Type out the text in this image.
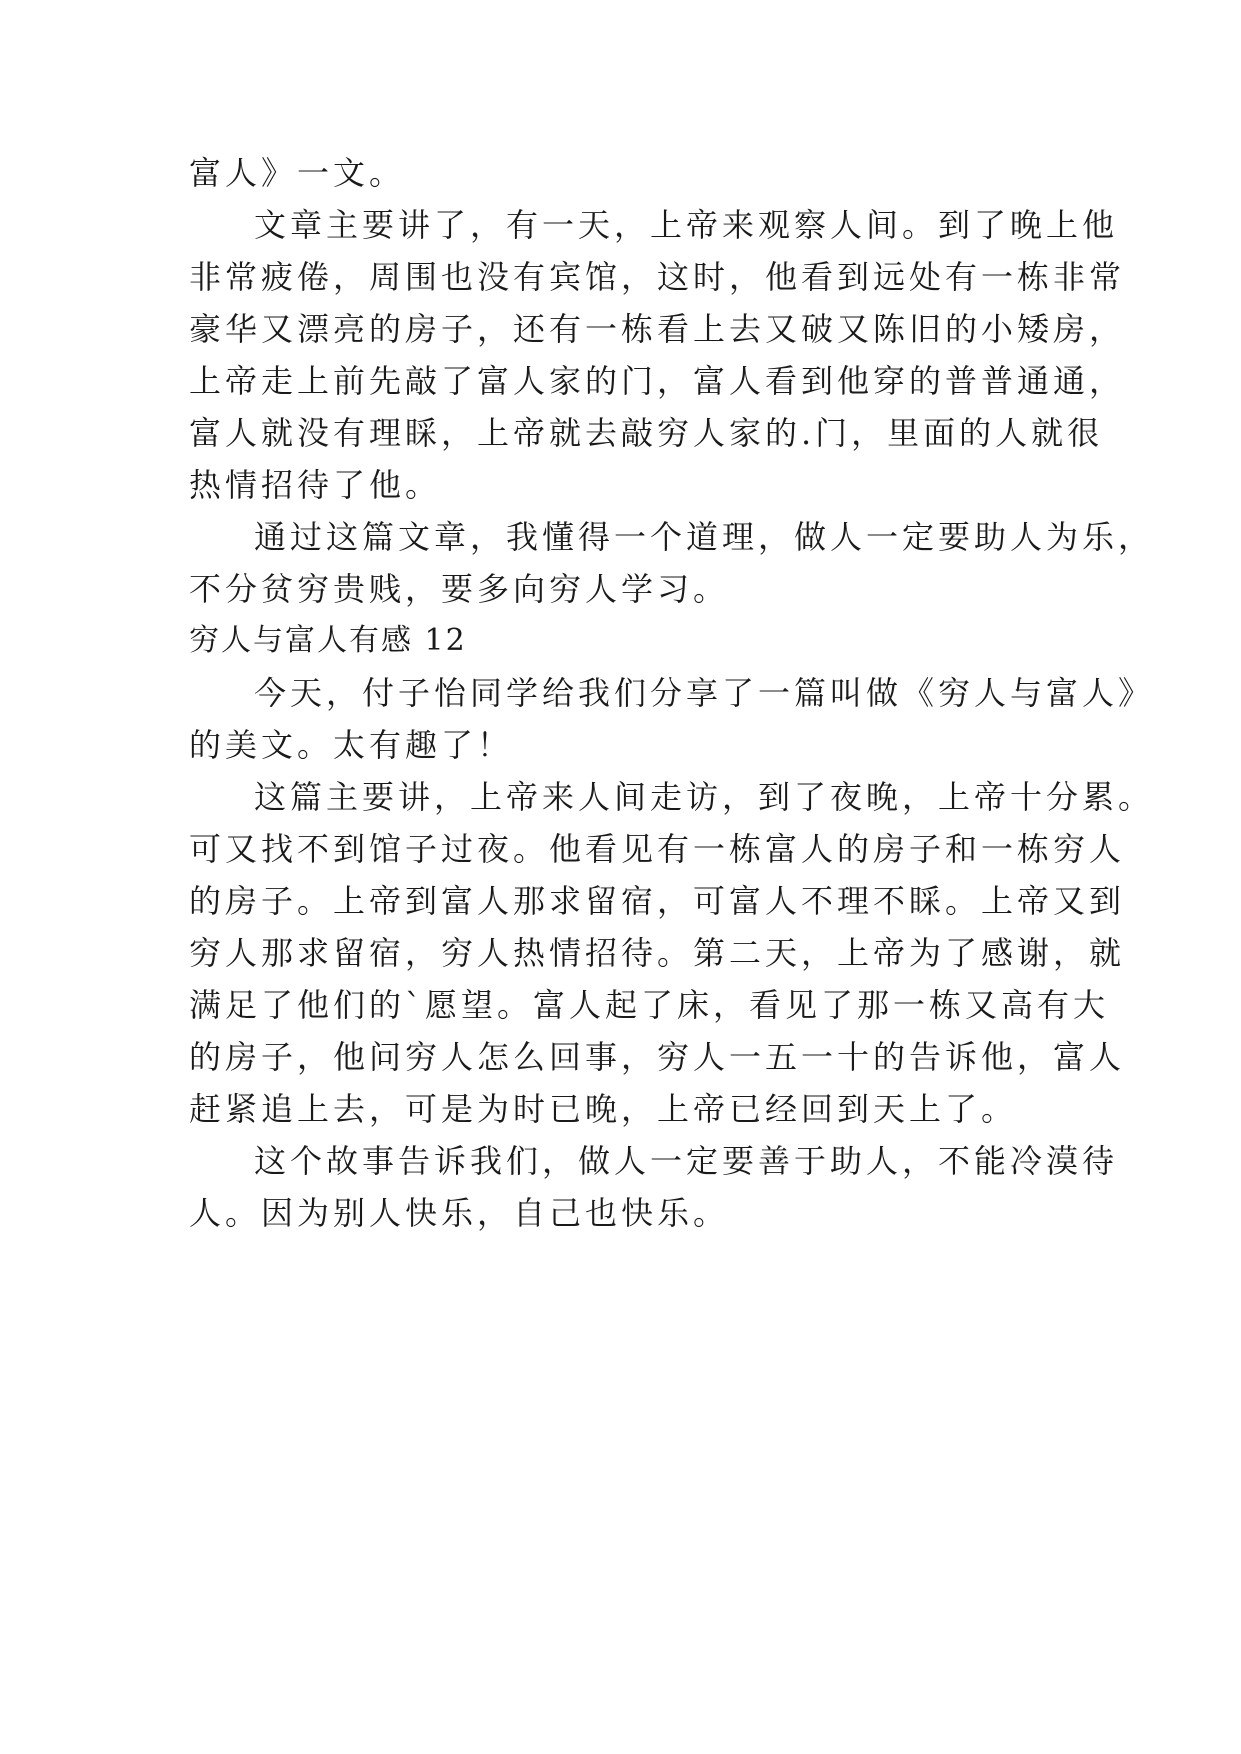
富人》一文。
文章主要讲了，有一天，上帝来观察人间。到了晚上他
非常疲倦，周围也没有宾馆，这时，他看到远处有一栋非常
豪华又漂亮的房子，还有一栋看上去又破又陈旧的小矮房，
上帝走上前先敲了富人家的门，富人看到他穿的普普通通，
富人就没有理睬，上帝就去敲穷人家的.门，里面的人就很
热情招待了他。
通过这篇文章，我懂得一个道理，做人一定要助人为乐，
不分贫穷贵贱，要多向穷人学习。
穷人与富人有感 12
今天，付子怡同学给我们分享了一篇叫做《穷人与富人》
的美文。太有趣了！
这篇主要讲，上帝来人间走访，到了夜晚，上帝十分累。
可又找不到馆子过夜。他看见有一栋富人的房子和一栋穷人
的房子。上帝到富人那求留宿，可富人不理不睬。上帝又到
穷人那求留宿，穷人热情招待。第二天，上帝为了感谢，就
满足了他们的`愿望。富人起了床，看见了那一栋又高有大
的房子，他问穷人怎么回事，穷人一五一十的告诉他，富人
赶紧追上去，可是为时已晚，上帝已经回到天上了。
这个故事告诉我们，做人一定要善于助人，不能冷漠待
人。因为别人快乐，自己也快乐。
